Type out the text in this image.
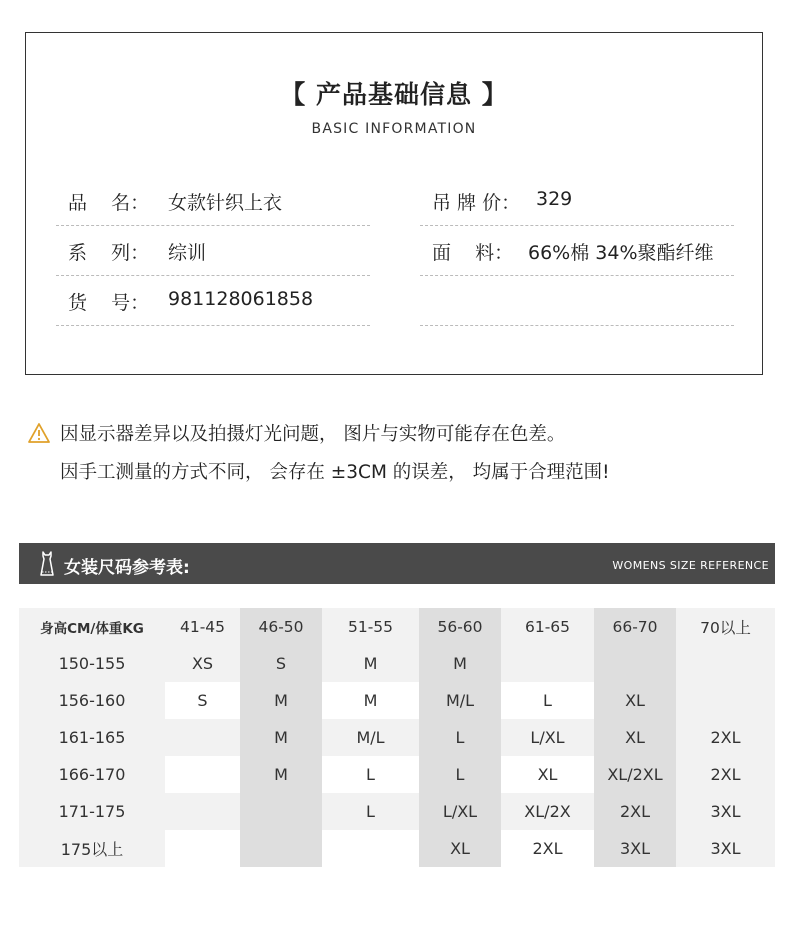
【 产品基础信息 】
BASIC INFORMATION
品    名： 女款针织上衣	吊 牌 价： 329
系    列： 综训	面    料： 66%棉 34%聚酯纤维
货    号： 981128061858
因显示器差异以及拍摄灯光问题， 图片与实物可能存在色差。
因手工测量的方式不同， 会存在 ±3CM 的误差， 均属于合理范围!
女装尺码参考表:	WOMENS SIZE REFERENCE
身高CM/体重KG	41-45	46-50	51-55	56-60	61-65	66-70	70以上
150-155	XS	S	M	M			
156-160	S	M	M	M/L	L	XL	
161-165		M	M/L	L	L/XL	XL	2XL
166-170		M	L	L	XL	XL/2XL	2XL
171-175			L	L/XL	XL/2X	2XL	3XL
175以上				XL	2XL	3XL	3XL
